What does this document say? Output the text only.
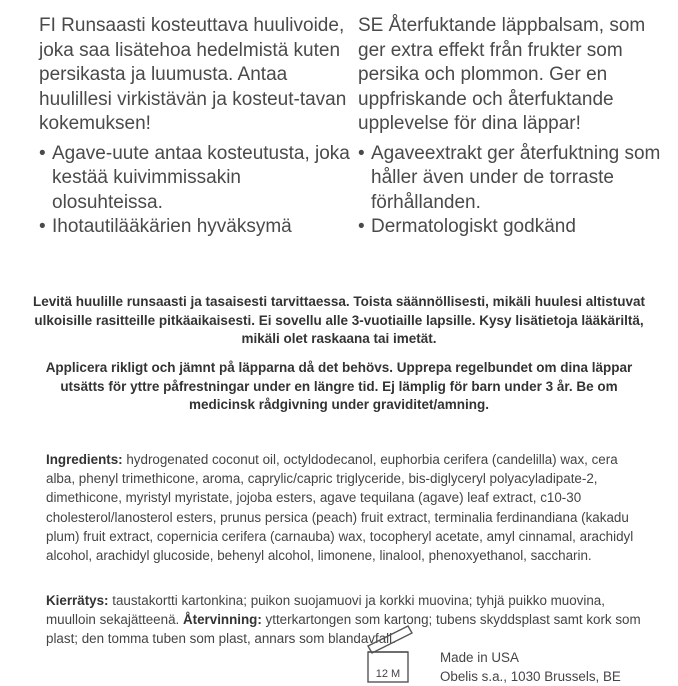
FI Runsaasti kosteuttava huulivoide, joka saa lisätehoa hedelmistä kuten persikasta ja luumusta. Antaa huulillesi virkistävän ja kosteut-tavan kokemuksen!

• Agave-uute antaa kosteutusta, joka kestää kuivimmissakin olosuhteissa.

• Ihotautilääkärien hyväksymä

SE Återfuktande läppbalsam, som ger extra effekt från frukter som persika och plommon. Ger en uppfriskande och återfuktande upplevelse för dina läppar!

• Agaveextrakt ger återfuktning som håller även under de torraste förhållanden.

• Dermatologiskt godkänd

Levitä huulille runsaasti ja tasaisesti tarvittaessa. Toista säännöllisesti, mikäli huulesi altistuvat ulkoisille rasitteille pitkäaikaisesti. Ei sovellu alle 3-vuotiaille lapsille. Kysy lisätietoja lääkäriltä, mikäli olet raskaana tai imetät.

Applicera rikligt och jämnt på läpparna då det behövs. Upprepa regelbundet om dina läppar utsätts för yttre påfrestningar under en längre tid. Ej lämplig för barn under 3 år. Be om medicinsk rådgivning under graviditet/amning.

Ingredients: hydrogenated coconut oil, octyldodecanol, euphorbia cerifera (candelilla) wax, cera alba, phenyl trimethicone, aroma, caprylic/capric triglyceride, bis-diglyceryl polyacyladipate-2, dimethicone, myristyl myristate, jojoba esters, agave tequilana (agave) leaf extract, c10-30 cholesterol/lanosterol esters, prunus persica (peach) fruit extract, terminalia ferdinandiana (kakadu plum) fruit extract, copernicia cerifera (carnauba) wax, tocopheryl acetate, amyl cinnamal, arachidyl alcohol, arachidyl glucoside, behenyl alcohol, limonene, linalool, phenoxyethanol, saccharin.
Kierrätys: taustakortti kartonkina; puikon suojamuovi ja korkki muovina; tyhjä puikko muovina, muulloin sekajätteenä. Återvinning: ytterkartongen som kartong; tubens skyddsplast samt kork som plast; den tomma tuben som plast, annars som blandavfall.
12 M
Made in USA
Obelis s.a., 1030 Brussels, BE
